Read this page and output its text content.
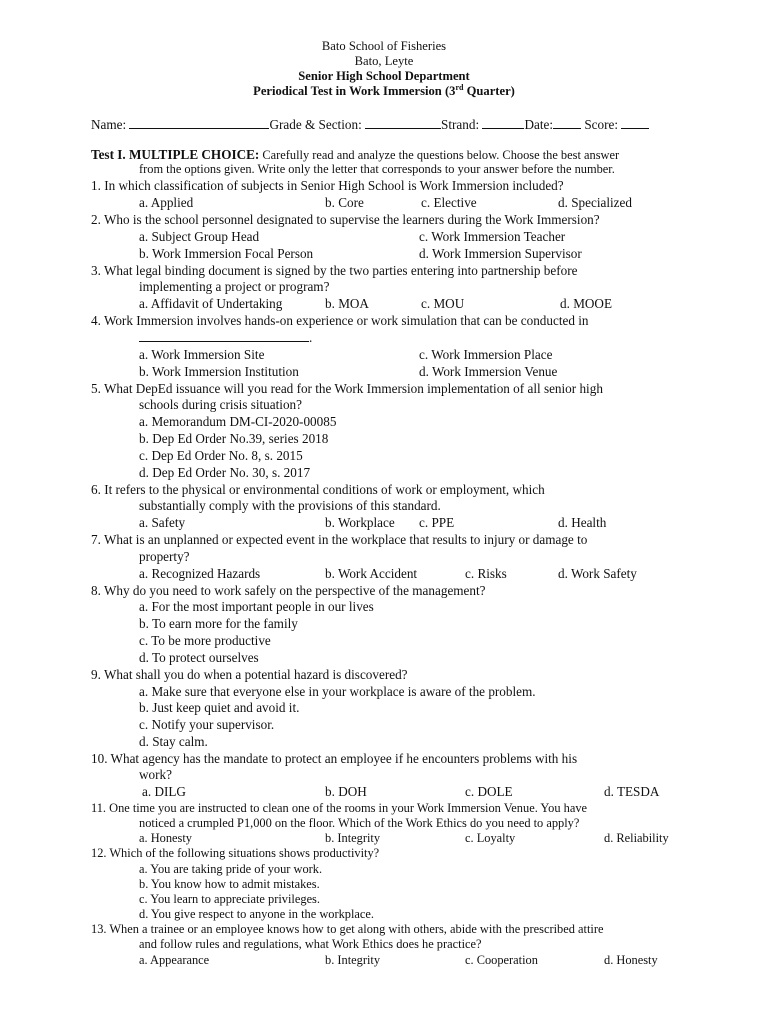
Bato School of Fisheries
Bato, Leyte
Senior High School Department
Periodical Test in Work Immersion (3rd Quarter)
Name:	Grade & Section:	Strand:	Date: Score:
Test I. MULTIPLE CHOICE: Carefully read and analyze the questions below. Choose the best answer
from the options given. Write only the letter that corresponds to your answer before the number.
1. In which classification of subjects in Senior High School is Work Immersion included?
a. Applied	b. Core	c. Elective	d. Specialized
2. Who is the school personnel designated to supervise the learners during the Work Immersion?
a. Subject Group Head	c. Work Immersion Teacher
b. Work Immersion Focal Person	d. Work Immersion Supervisor
3. What legal binding document is signed by the two parties entering into partnership before
implementing a project or program?
a. Affidavit of Undertaking	b. MOA	c. MOU	d. MOOE
4. Work Immersion involves hands-on experience or work simulation that can be conducted in
.
a. Work Immersion Site	c. Work Immersion Place
b. Work Immersion Institution	d. Work Immersion Venue
5. What DepEd issuance will you read for the Work Immersion implementation of all senior high
schools during crisis situation?
a. Memorandum DM-CI-2020-00085
b. Dep Ed Order No.39, series 2018
c. Dep Ed Order No. 8, s. 2015
d. Dep Ed Order No. 30, s. 2017
6. It refers to the physical or environmental conditions of work or employment, which
substantially comply with the provisions of this standard.
a. Safety	b. Workplace c. PPE	d. Health
7. What is an unplanned or expected event in the workplace that results to injury or damage to
property?
a. Recognized Hazards	b. Work Accident	c. Risks	d. Work Safety
8. Why do you need to work safely on the perspective of the management?
a. For the most important people in our lives
b. To earn more for the family
c. To be more productive
d. To protect ourselves
9. What shall you do when a potential hazard is discovered?
a. Make sure that everyone else in your workplace is aware of the problem.
b. Just keep quiet and avoid it.
c. Notify your supervisor.
d. Stay calm.
10. What agency has the mandate to protect an employee if he encounters problems with his
work?
a. DILG	b. DOH	c. DOLE	d. TESDA
11. One time you are instructed to clean one of the rooms in your Work Immersion Venue. You have
noticed a crumpled P1,000 on the floor. Which of the Work Ethics do you need to apply?
a. Honesty	b. Integrity	c. Loyalty	d. Reliability
12. Which of the following situations shows productivity?
a. You are taking pride of your work.
b. You know how to admit mistakes.
c. You learn to appreciate privileges.
d. You give respect to anyone in the workplace.
13. When a trainee or an employee knows how to get along with others, abide with the prescribed attire
and follow rules and regulations, what Work Ethics does he practice?
a. Appearance	b. Integrity	c. Cooperation	d. Honesty
